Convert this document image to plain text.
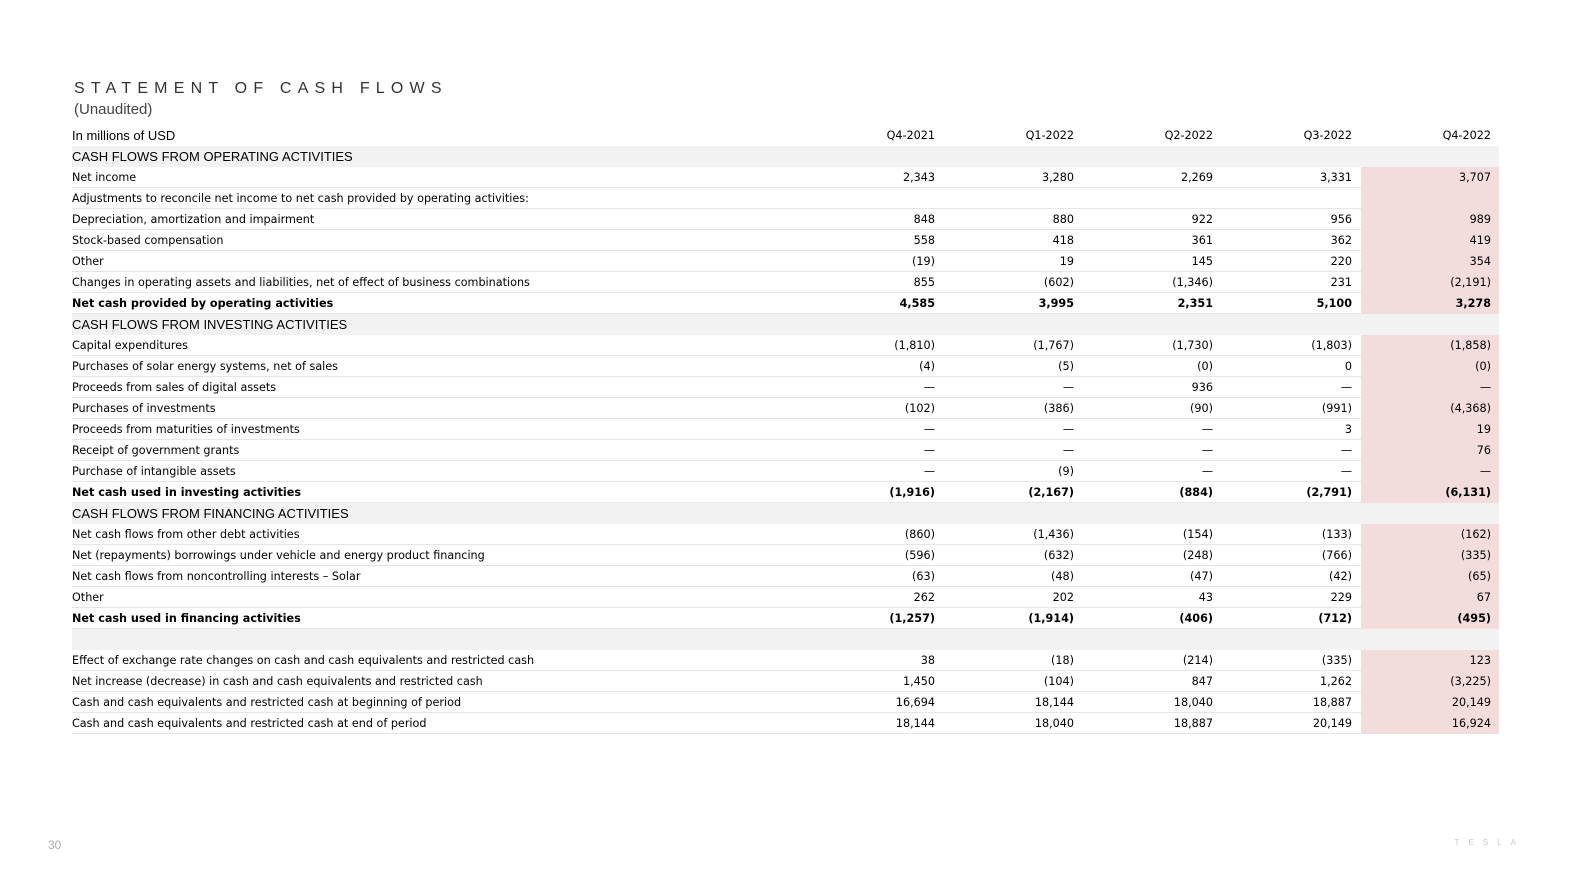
STATEMENT OF CASH FLOWS
(Unaudited)
In millions of USD	Q4-2021	Q1-2022	Q2-2022	Q3-2022	Q4-2022
CASH FLOWS FROM OPERATING ACTIVITIES
Net income	2,343	3,280	2,269	3,331	3,707
Adjustments to reconcile net income to net cash provided by operating activities:
Depreciation, amortization and impairment	848	880	922	956	989
Stock-based compensation	558	418	361	362	419
Other	(19)	19	145	220	354
Changes in operating assets and liabilities, net of effect of business combinations	855	(602)	(1,346)	231	(2,191)
Net cash provided by operating activities	4,585	3,995	2,351	5,100	3,278
CASH FLOWS FROM INVESTING ACTIVITIES
Capital expenditures	(1,810)	(1,767)	(1,730)	(1,803)	(1,858)
Purchases of solar energy systems, net of sales	(4)	(5)	(0)	0	(0)
Proceeds from sales of digital assets	—	—	936	—	—
Purchases of investments	(102)	(386)	(90)	(991)	(4,368)
Proceeds from maturities of investments	—	—	—	3	19
Receipt of government grants	—	—	—	—	76
Purchase of intangible assets	—	(9)	—	—	—
Net cash used in investing activities	(1,916)	(2,167)	(884)	(2,791)	(6,131)
CASH FLOWS FROM FINANCING ACTIVITIES
Net cash flows from other debt activities	(860)	(1,436)	(154)	(133)	(162)
Net (repayments) borrowings under vehicle and energy product financing	(596)	(632)	(248)	(766)	(335)
Net cash flows from noncontrolling interests – Solar	(63)	(48)	(47)	(42)	(65)
Other	262	202	43	229	67
Net cash used in financing activities	(1,257)	(1,914)	(406)	(712)	(495)
Effect of exchange rate changes on cash and cash equivalents and restricted cash	38	(18)	(214)	(335)	123
Net increase (decrease) in cash and cash equivalents and restricted cash	1,450	(104)	847	1,262	(3,225)
Cash and cash equivalents and restricted cash at beginning of period	16,694	18,144	18,040	18,887	20,149
Cash and cash equivalents and restricted cash at end of period	18,144	18,040	18,887	20,149	16,924
30	TESLA
